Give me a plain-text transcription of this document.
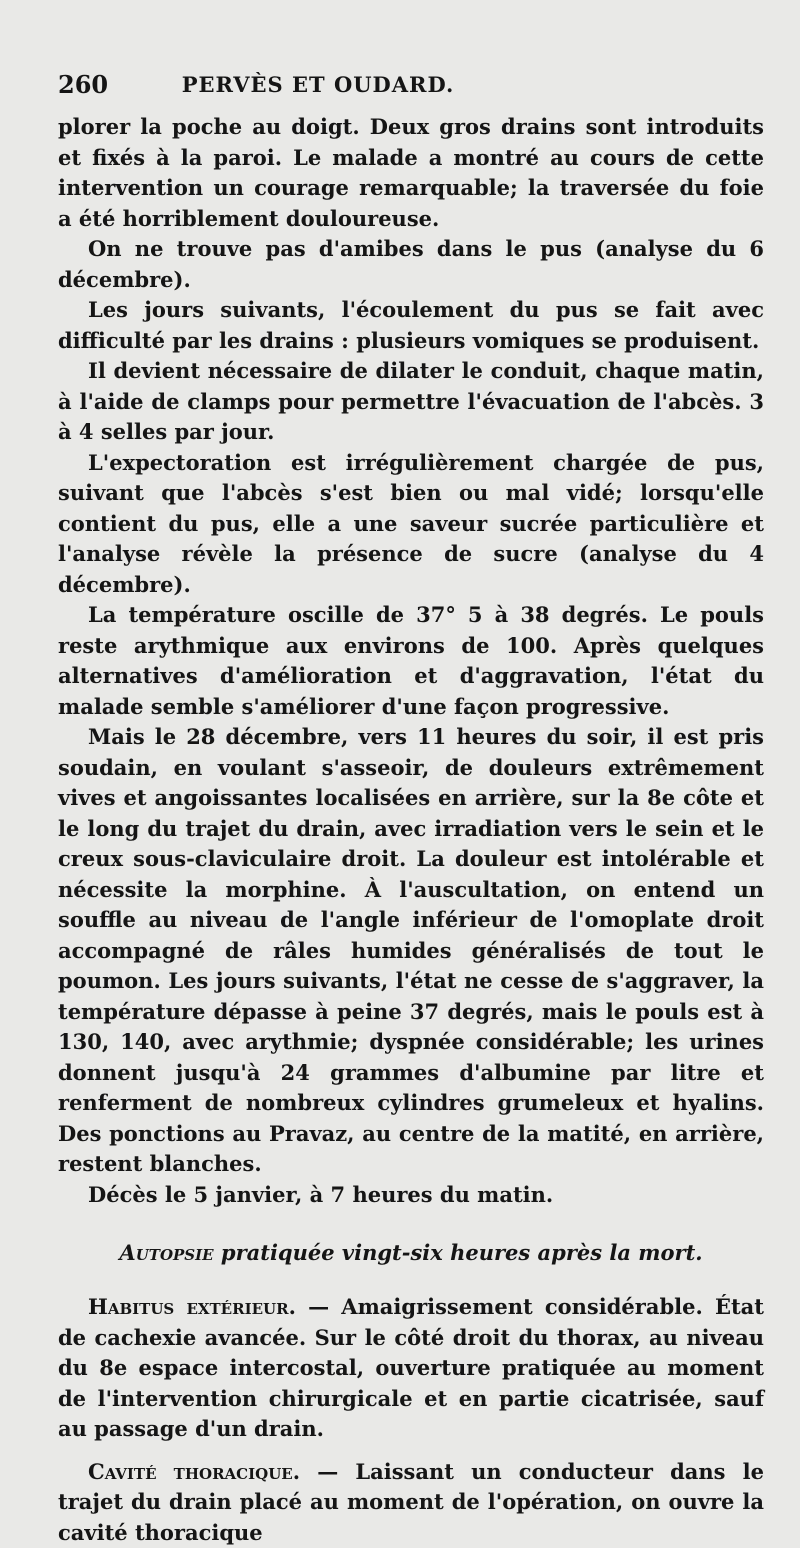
260	PERVÈS ET OUDARD.

plorer la poche au doigt. Deux gros drains sont introduits et fixés à la paroi. Le malade a montré au cours de cette intervention un courage remarquable; la traversée du foie a été horriblement douloureuse.

On ne trouve pas d'amibes dans le pus (analyse du 6 décembre).

Les jours suivants, l'écoulement du pus se fait avec difficulté par les drains : plusieurs vomiques se produisent.

Il devient nécessaire de dilater le conduit, chaque matin, à l'aide de clamps pour permettre l'évacuation de l'abcès. 3 à 4 selles par jour.

L'expectoration est irrégulièrement chargée de pus, suivant que l'abcès s'est bien ou mal vidé; lorsqu'elle contient du pus, elle a une saveur sucrée particulière et l'analyse révèle la présence de sucre (analyse du 4 décembre).

La température oscille de 37° 5 à 38 degrés. Le pouls reste arythmique aux environs de 100. Après quelques alternatives d'amélioration et d'aggravation, l'état du malade semble s'améliorer d'une façon progressive.

Mais le 28 décembre, vers 11 heures du soir, il est pris soudain, en voulant s'asseoir, de douleurs extrêmement vives et angoissantes localisées en arrière, sur la 8e côte et le long du trajet du drain, avec irradiation vers le sein et le creux sous-claviculaire droit. La douleur est intolérable et nécessite la morphine. À l'auscultation, on entend un souffle au niveau de l'angle inférieur de l'omoplate droit accompagné de râles humides généralisés de tout le poumon. Les jours suivants, l'état ne cesse de s'aggraver, la température dépasse à peine 37 degrés, mais le pouls est à 130, 140, avec arythmie; dyspnée considérable; les urines donnent jusqu'à 24 grammes d'albumine par litre et renferment de nombreux cylindres grumeleux et hyalins. Des ponctions au Pravaz, au centre de la matité, en arrière, restent blanches.

Décès le 5 janvier, à 7 heures du matin.

Autopsie pratiquée vingt-six heures après la mort.

Habitus extérieur. — Amaigrissement considérable. État de cachexie avancée. Sur le côté droit du thorax, au niveau du 8e espace intercostal, ouverture pratiquée au moment de l'intervention chirurgicale et en partie cicatrisée, sauf au passage d'un drain.

Cavité thoracique. — Laissant un conducteur dans le trajet du drain placé au moment de l'opération, on ouvre la cavité thoracique
